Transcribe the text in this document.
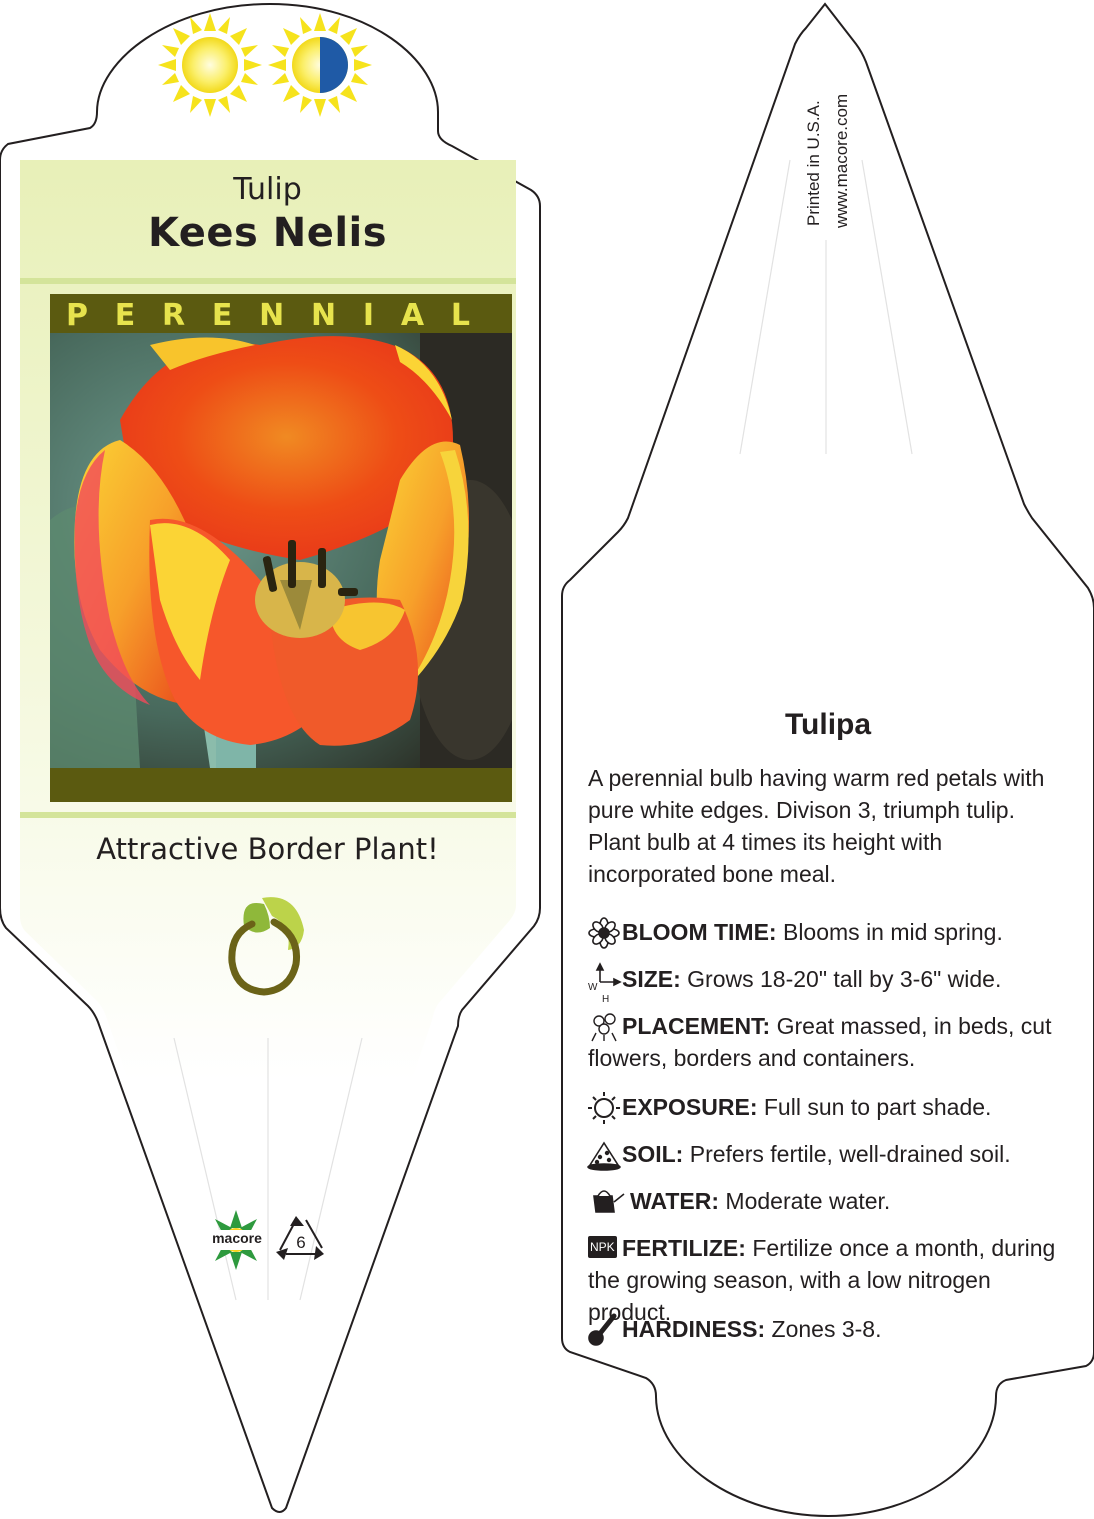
Tulip
Kees Nelis
P E R E N N I A L
Attractive Border Plant!
macore 6
Printed in U.S.A. www.macore.com
Tulipa
A perennial bulb having warm red petals with pure white edges. Divison 3, triumph tulip. Plant bulb at 4 times its height with incorporated bone meal.
BLOOM TIME: Blooms in mid spring.
W
H
SIZE: Grows 18-20" tall by 3-6" wide.
PLACEMENT: Great massed, in beds, cut flowers, borders and containers.
EXPOSURE: Full sun to part shade.
SOIL: Prefers fertile, well-drained soil.
WATER: Moderate water.
NPK FERTILIZE: Fertilize once a month, during the growing season, with a low nitrogen product.
HARDINESS: Zones 3-8.
